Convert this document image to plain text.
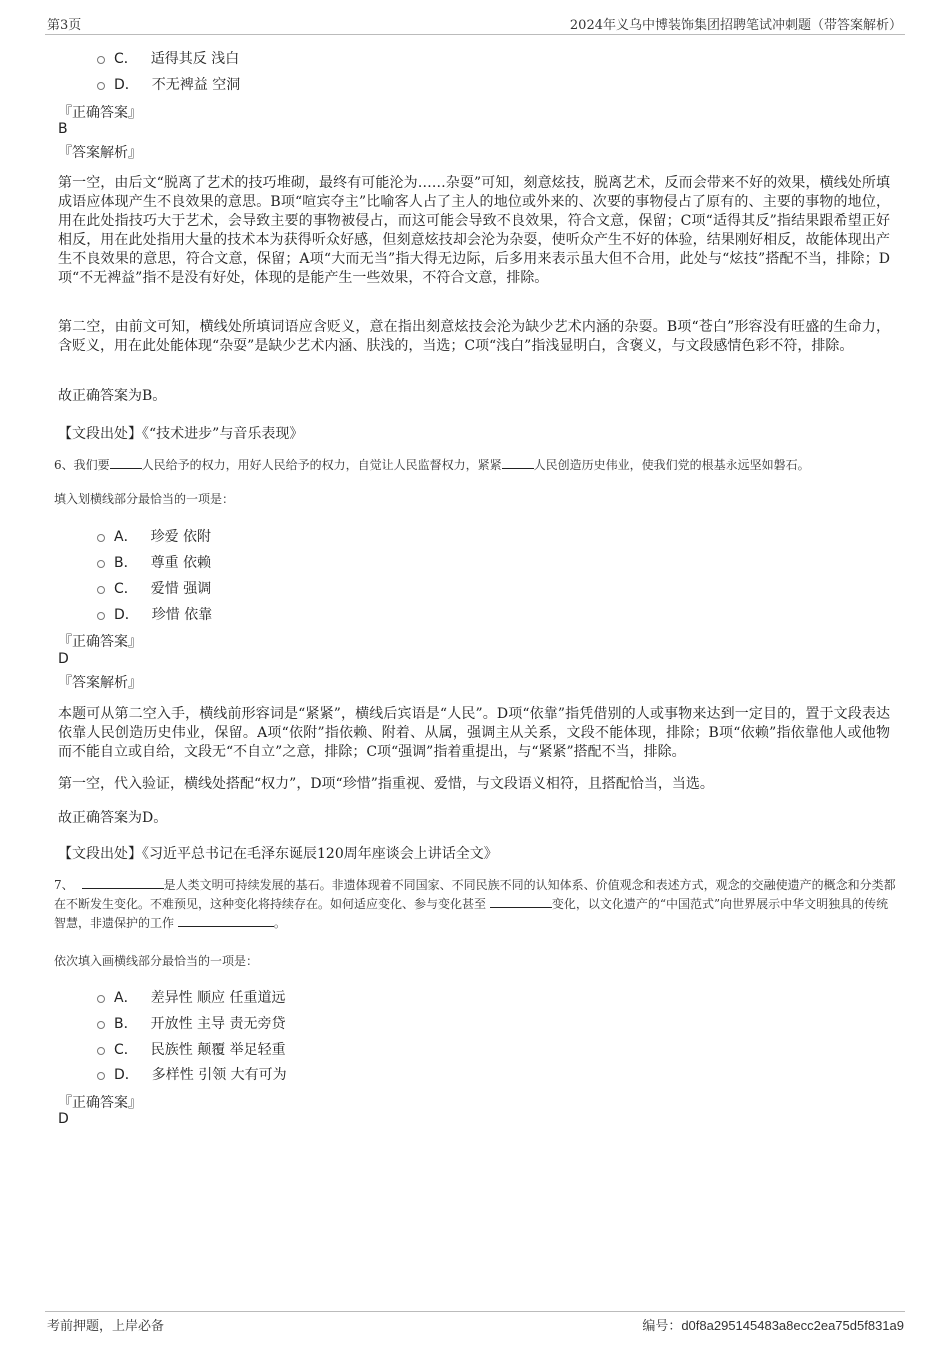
第3页	2024年义乌中博装饰集团招聘笔试冲刺题（带答案解析）
C． 适得其反 浅白
D． 不无裨益 空洞
『正确答案』
B
『答案解析』
第一空，由后文“脱离了艺术的技巧堆砌，最终有可能沦为……杂耍”可知，刻意炫技，脱离艺术，反而会带来不好的效果，横线处所填成语应体现产生不良效果的意思。B项“喧宾夺主”比喻客人占了主人的地位或外来的、次要的事物侵占了原有的、主要的事物的地位，用在此处指技巧大于艺术，会导致主要的事物被侵占，而这可能会导致不良效果，符合文意，保留；C项“适得其反”指结果跟希望正好相反，用在此处指用大量的技术本为获得听众好感，但刻意炫技却会沦为杂耍，使听众产生不好的体验，结果刚好相反，故能体现出产生不良效果的意思，符合文意，保留；A项“大而无当”指大得无边际，后多用来表示虽大但不合用，此处与“炫技”搭配不当，排除；D项“不无裨益”指不是没有好处，体现的是能产生一些效果，不符合文意，排除。
第二空，由前文可知，横线处所填词语应含贬义，意在指出刻意炫技会沦为缺少艺术内涵的杂耍。B项“苍白”形容没有旺盛的生命力，含贬义，用在此处能体现“杂耍”是缺少艺术内涵、肤浅的，当选；C项“浅白”指浅显明白，含褒义，与文段感情色彩不符，排除。
故正确答案为B。
【文段出处】《“技术进步”与音乐表现》
6、我们要	人民给予的权力，用好人民给予的权力，自觉让人民监督权力，紧紧	人民创造历史伟业，使我们党的根基永远坚如磐石。
填入划横线部分最恰当的一项是：
A． 珍爱 依附
B． 尊重 依赖
C． 爱惜 强调
D． 珍惜 依靠
『正确答案』
D
『答案解析』
本题可从第二空入手，横线前形容词是“紧紧”，横线后宾语是“人民”。D项“依靠”指凭借别的人或事物来达到一定目的，置于文段表达依靠人民创造历史伟业，保留。A项“依附”指依赖、附着、从属，强调主从关系，文段不能体现，排除；B项“依赖”指依靠他人或他物而不能自立或自给，文段无“不自立”之意，排除；C项“强调”指着重提出，与“紧紧”搭配不当，排除。
第一空，代入验证，横线处搭配“权力”，D项“珍惜”指重视、爱惜，与文段语义相符，且搭配恰当，当选。
故正确答案为D。
【文段出处】《习近平总书记在毛泽东诞辰120周年座谈会上讲话全文》
7、	是人类文明可持续发展的基石。非遗体现着不同国家、不同民族不同的认知体系、价值观念和表述方式，观念的交融使遗产的概念和分类都在不断发生变化。不难预见，这种变化将持续存在。如何适应变化、参与变化甚至	变化，以文化遗产的“中国范式”向世界展示中华文明独具的传统智慧，非遗保护的工作	。
依次填入画横线部分最恰当的一项是：
A． 差异性 顺应 任重道远
B． 开放性 主导 责无旁贷
C． 民族性 颠覆 举足轻重
D． 多样性 引领 大有可为
『正确答案』
D
考前押题，上岸必备	编号：d0f8a295145483a8ecc2ea75d5f831a9
